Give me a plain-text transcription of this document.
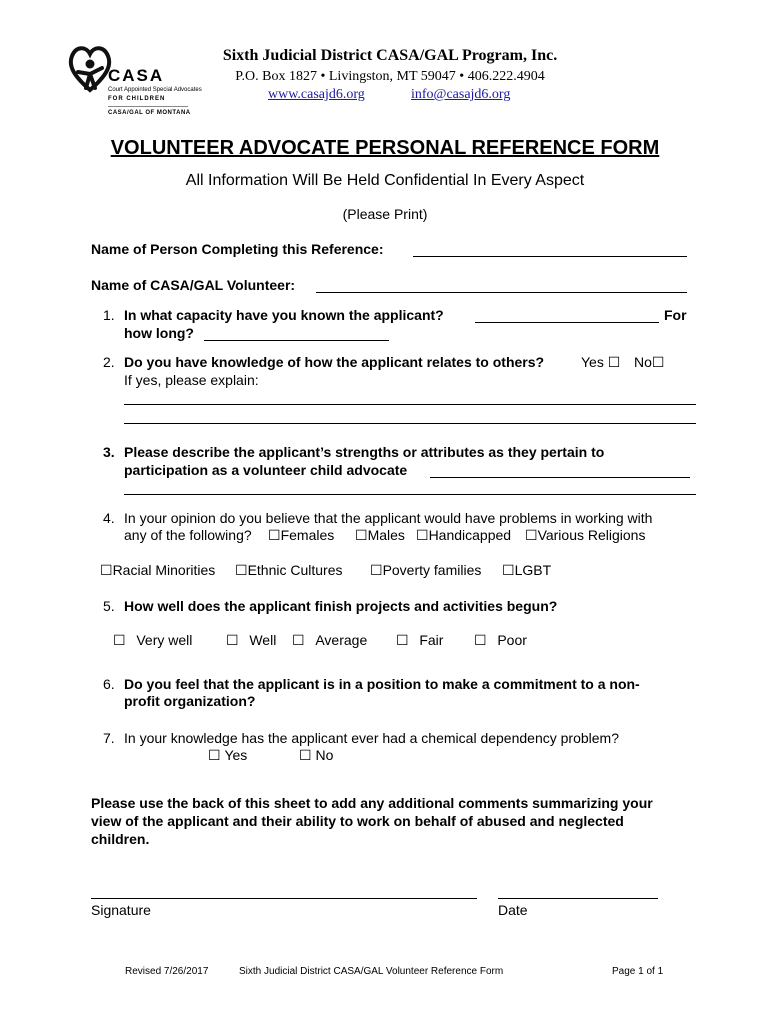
CASA
Court Appointed Special Advocates
FOR CHILDREN
CASA/GAL OF MONTANA
Sixth Judicial District CASA/GAL Program, Inc.
P.O. Box 1827 • Livingston, MT 59047 • 406.222.4904
www.casajd6.org	info@casajd6.org
VOLUNTEER ADVOCATE PERSONAL REFERENCE FORM
All Information Will Be Held Confidential In Every Aspect
(Please Print)
Name of Person Completing this Reference:
Name of CASA/GAL Volunteer:
1. In what capacity have you known the applicant?	For
how long?
2. Do you have knowledge of how the applicant relates to others?	Yes ☐ No☐
If yes, please explain:
3. Please describe the applicant’s strengths or attributes as they pertain to
participation as a volunteer child advocate
4. In your opinion do you believe that the applicant would have problems in working with
any of the following? ☐Females ☐Males ☐Handicapped ☐Various Religions
☐Racial Minorities ☐Ethnic Cultures ☐Poverty families ☐LGBT
5. How well does the applicant finish projects and activities begun?
☐ Very well ☐ Well ☐ Average ☐ Fair ☐ Poor
6. Do you feel that the applicant is in a position to make a commitment to a non-
profit organization?
7. In your knowledge has the applicant ever had a chemical dependency problem?
☐ Yes	☐ No
Please use the back of this sheet to add any additional comments summarizing your
view of the applicant and their ability to work on behalf of abused and neglected
children.
Signature	Date
Revised 7/26/2017	Sixth Judicial District CASA/GAL Volunteer Reference Form	Page 1 of 1
